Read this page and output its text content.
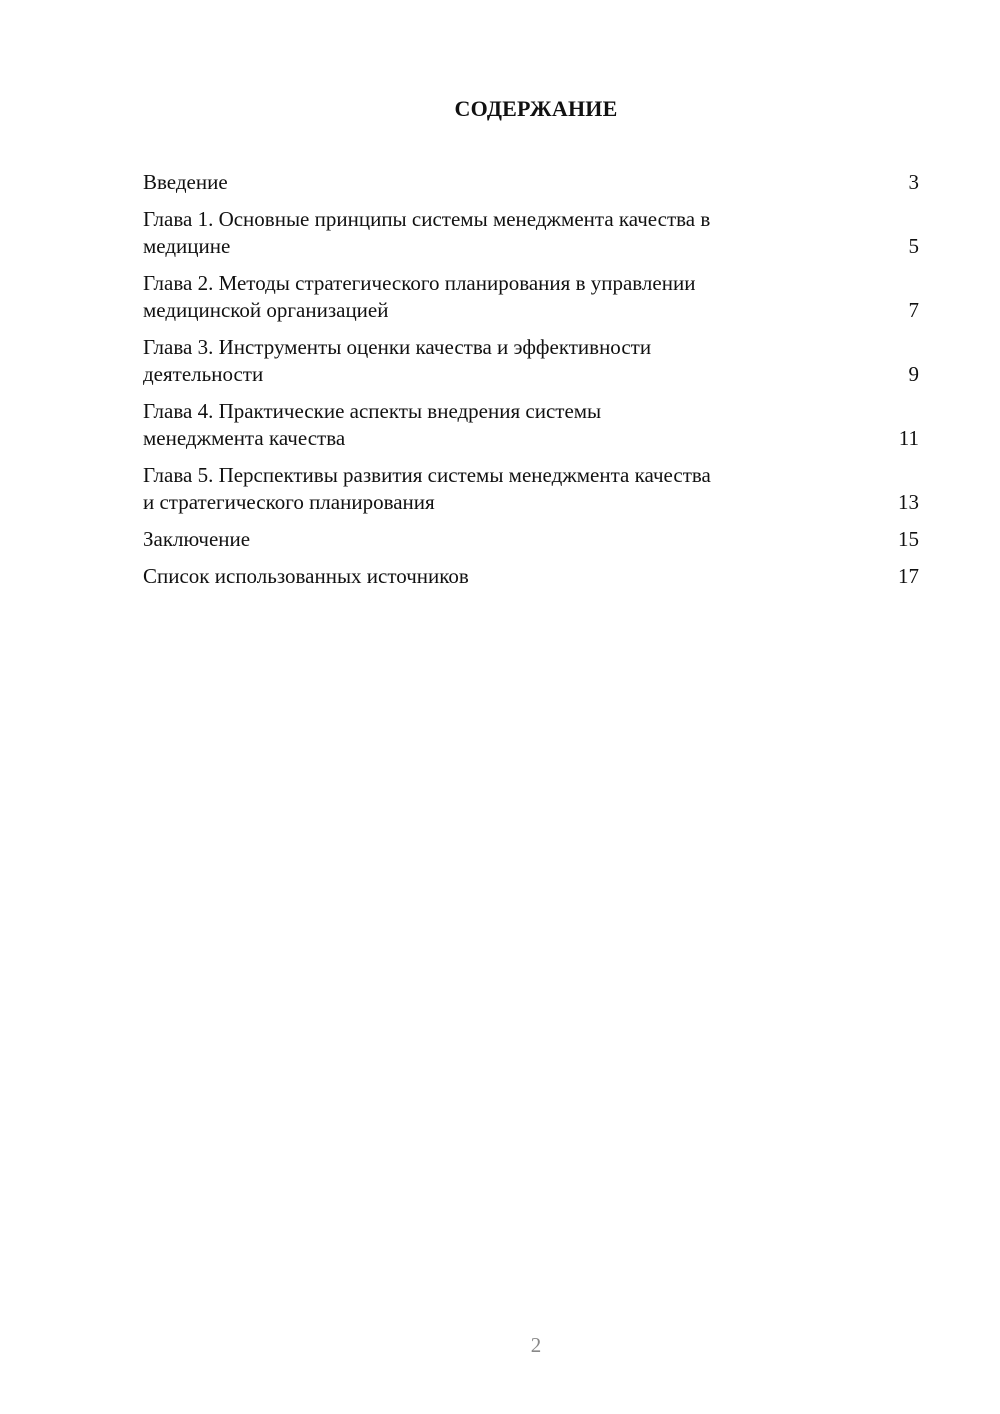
СОДЕРЖАНИЕ
Введение	3
Глава 1. Основные принципы системы менеджмента качества в
медицине	5
Глава 2. Методы стратегического планирования в управлении
медицинской организацией	7
Глава 3. Инструменты оценки качества и эффективности
деятельности	9
Глава 4. Практические аспекты внедрения системы
менеджмента качества	11
Глава 5. Перспективы развития системы менеджмента качества
и стратегического планирования	13
Заключение	15
Список использованных источников	17
2
